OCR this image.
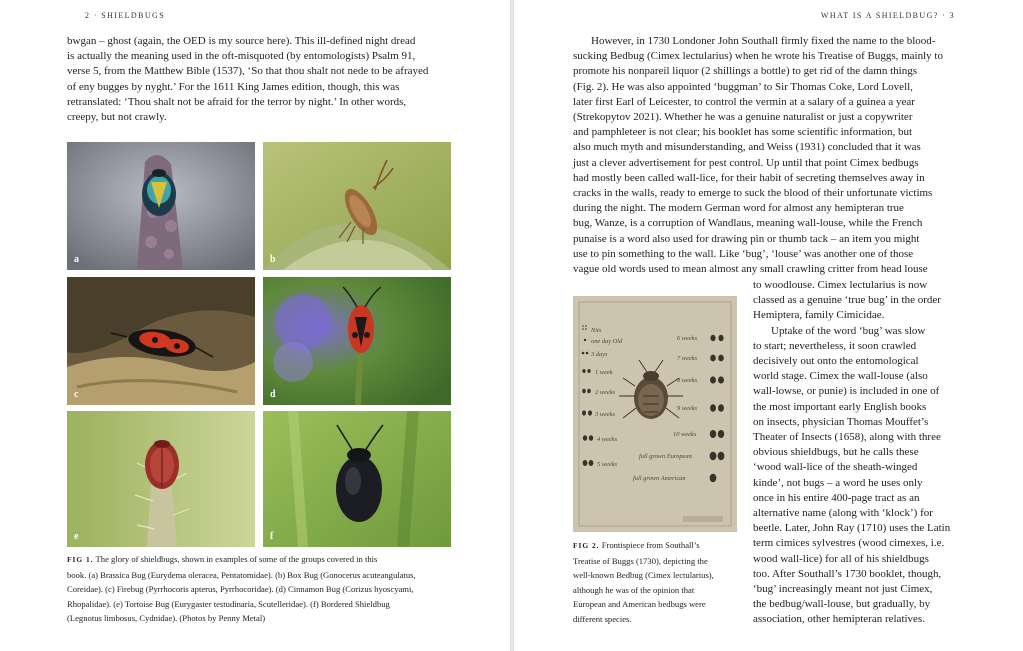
2 · SHIELDBUGS
bwgan – ghost (again, the OED is my source here). This ill-defined night dread
is actually the meaning used in the oft-misquoted (by entomologists) Psalm 91,
verse 5, from the Matthew Bible (1537), ‘So that thou shalt not nede to be afrayed
of eny bugges by nyght.’ For the 1611 King James edition, though, this was
retranslated: ‘Thou shalt not be afraid for the terror by night.’ In other words,
creepy, but not crawly.
a	b
c	d
e	f
FIG 1. The glory of shieldbugs, shown in examples of some of the groups covered in this
book. (a) Brassica Bug (Eurydema oleracea, Pentatomidae). (b) Box Bug (Gonocerus acuteangulatus,
Coreidae). (c) Firebug (Pyrrhocoris apterus, Pyrrhocoridae). (d) Cinnamon Bug (Corizus hyoscyami,
Rhopalidae). (e) Tortoise Bug (Eurygaster testudinaria, Scutelleridae). (f) Bordered Shieldbug
(Legnotus limbosus, Cydnidae). (Photos by Penny Metal)
WHAT IS A SHIELDBUG? · 3
However, in 1730 Londoner John Southall firmly fixed the name to the blood-
sucking Bedbug (Cimex lectularius) when he wrote his Treatise of Buggs, mainly to
promote his nonpareil liquor (2 shillings a bottle) to get rid of the damn things
(Fig. 2). He was also appointed ‘buggman’ to Sir Thomas Coke, Lord Lovell,
later first Earl of Leicester, to control the vermin at a salary of a guinea a year
(Strekopytov 2021). Whether he was a genuine naturalist or just a copywriter
and pamphleteer is not clear; his booklet has some scientific information, but
also much myth and misunderstanding, and Weiss (1931) concluded that it was
just a clever advertisement for pest control. Up until that point Cimex bedbugs
had mostly been called wall-lice, for their habit of secreting themselves away in
cracks in the walls, ready to emerge to suck the blood of their unfortunate victims
during the night. The modern German word for almost any hemipteran true
bug, Wanze, is a corruption of Wandlaus, meaning wall-louse, while the French
punaise is a word also used for drawing pin or thumb tack – an item you might
use to pin something to the wall. Like ‘bug’, ‘louse’ was another one of those
vague old words used to mean almost any small crawling critter from head louse
to woodlouse. Cimex lectularius is now
classed as a genuine ‘true bug’ in the order
Hemiptera, family Cimicidae.
Uptake of the word ‘bug’ was slow
to start; nevertheless, it soon crawled
decisively out onto the entomological
world stage. Cimex the wall-louse (also
wall-lowse, or punie) is included in one of
the most important early English books
on insects, physician Thomas Mouffet’s
Theater of Insects (1658), along with three
obvious shieldbugs, but he calls these
‘wood wall-lice of the sheath-winged
kinde’, not bugs – a word he uses only
once in his entire 400-page tract as an
alternative name (along with ‘klock’) for
beetle. Later, John Ray (1710) uses the Latin
term cimices sylvestres (wood cimexes, i.e.
wood wall-lice) for all of his shieldbugs
too. After Southall’s 1730 booklet, though,
‘bug’ increasingly meant not just Cimex,
the bedbug/wall-louse, but gradually, by
association, other hemipteran relatives.
FIG 2. Frontispiece from Southall’s
Treatise of Buggs (1730), depicting the
well-known Bedbug (Cimex lectularius),
although he was of the opinion that
European and American bedbugs were
different species.
Nits
one day Old
3 days
1 week
2 weeks
3 weeks
4 weeks
5 weeks
6 weeks
7 weeks
8 weeks
9 weeks
10 weeks
full grown European
full grown American
